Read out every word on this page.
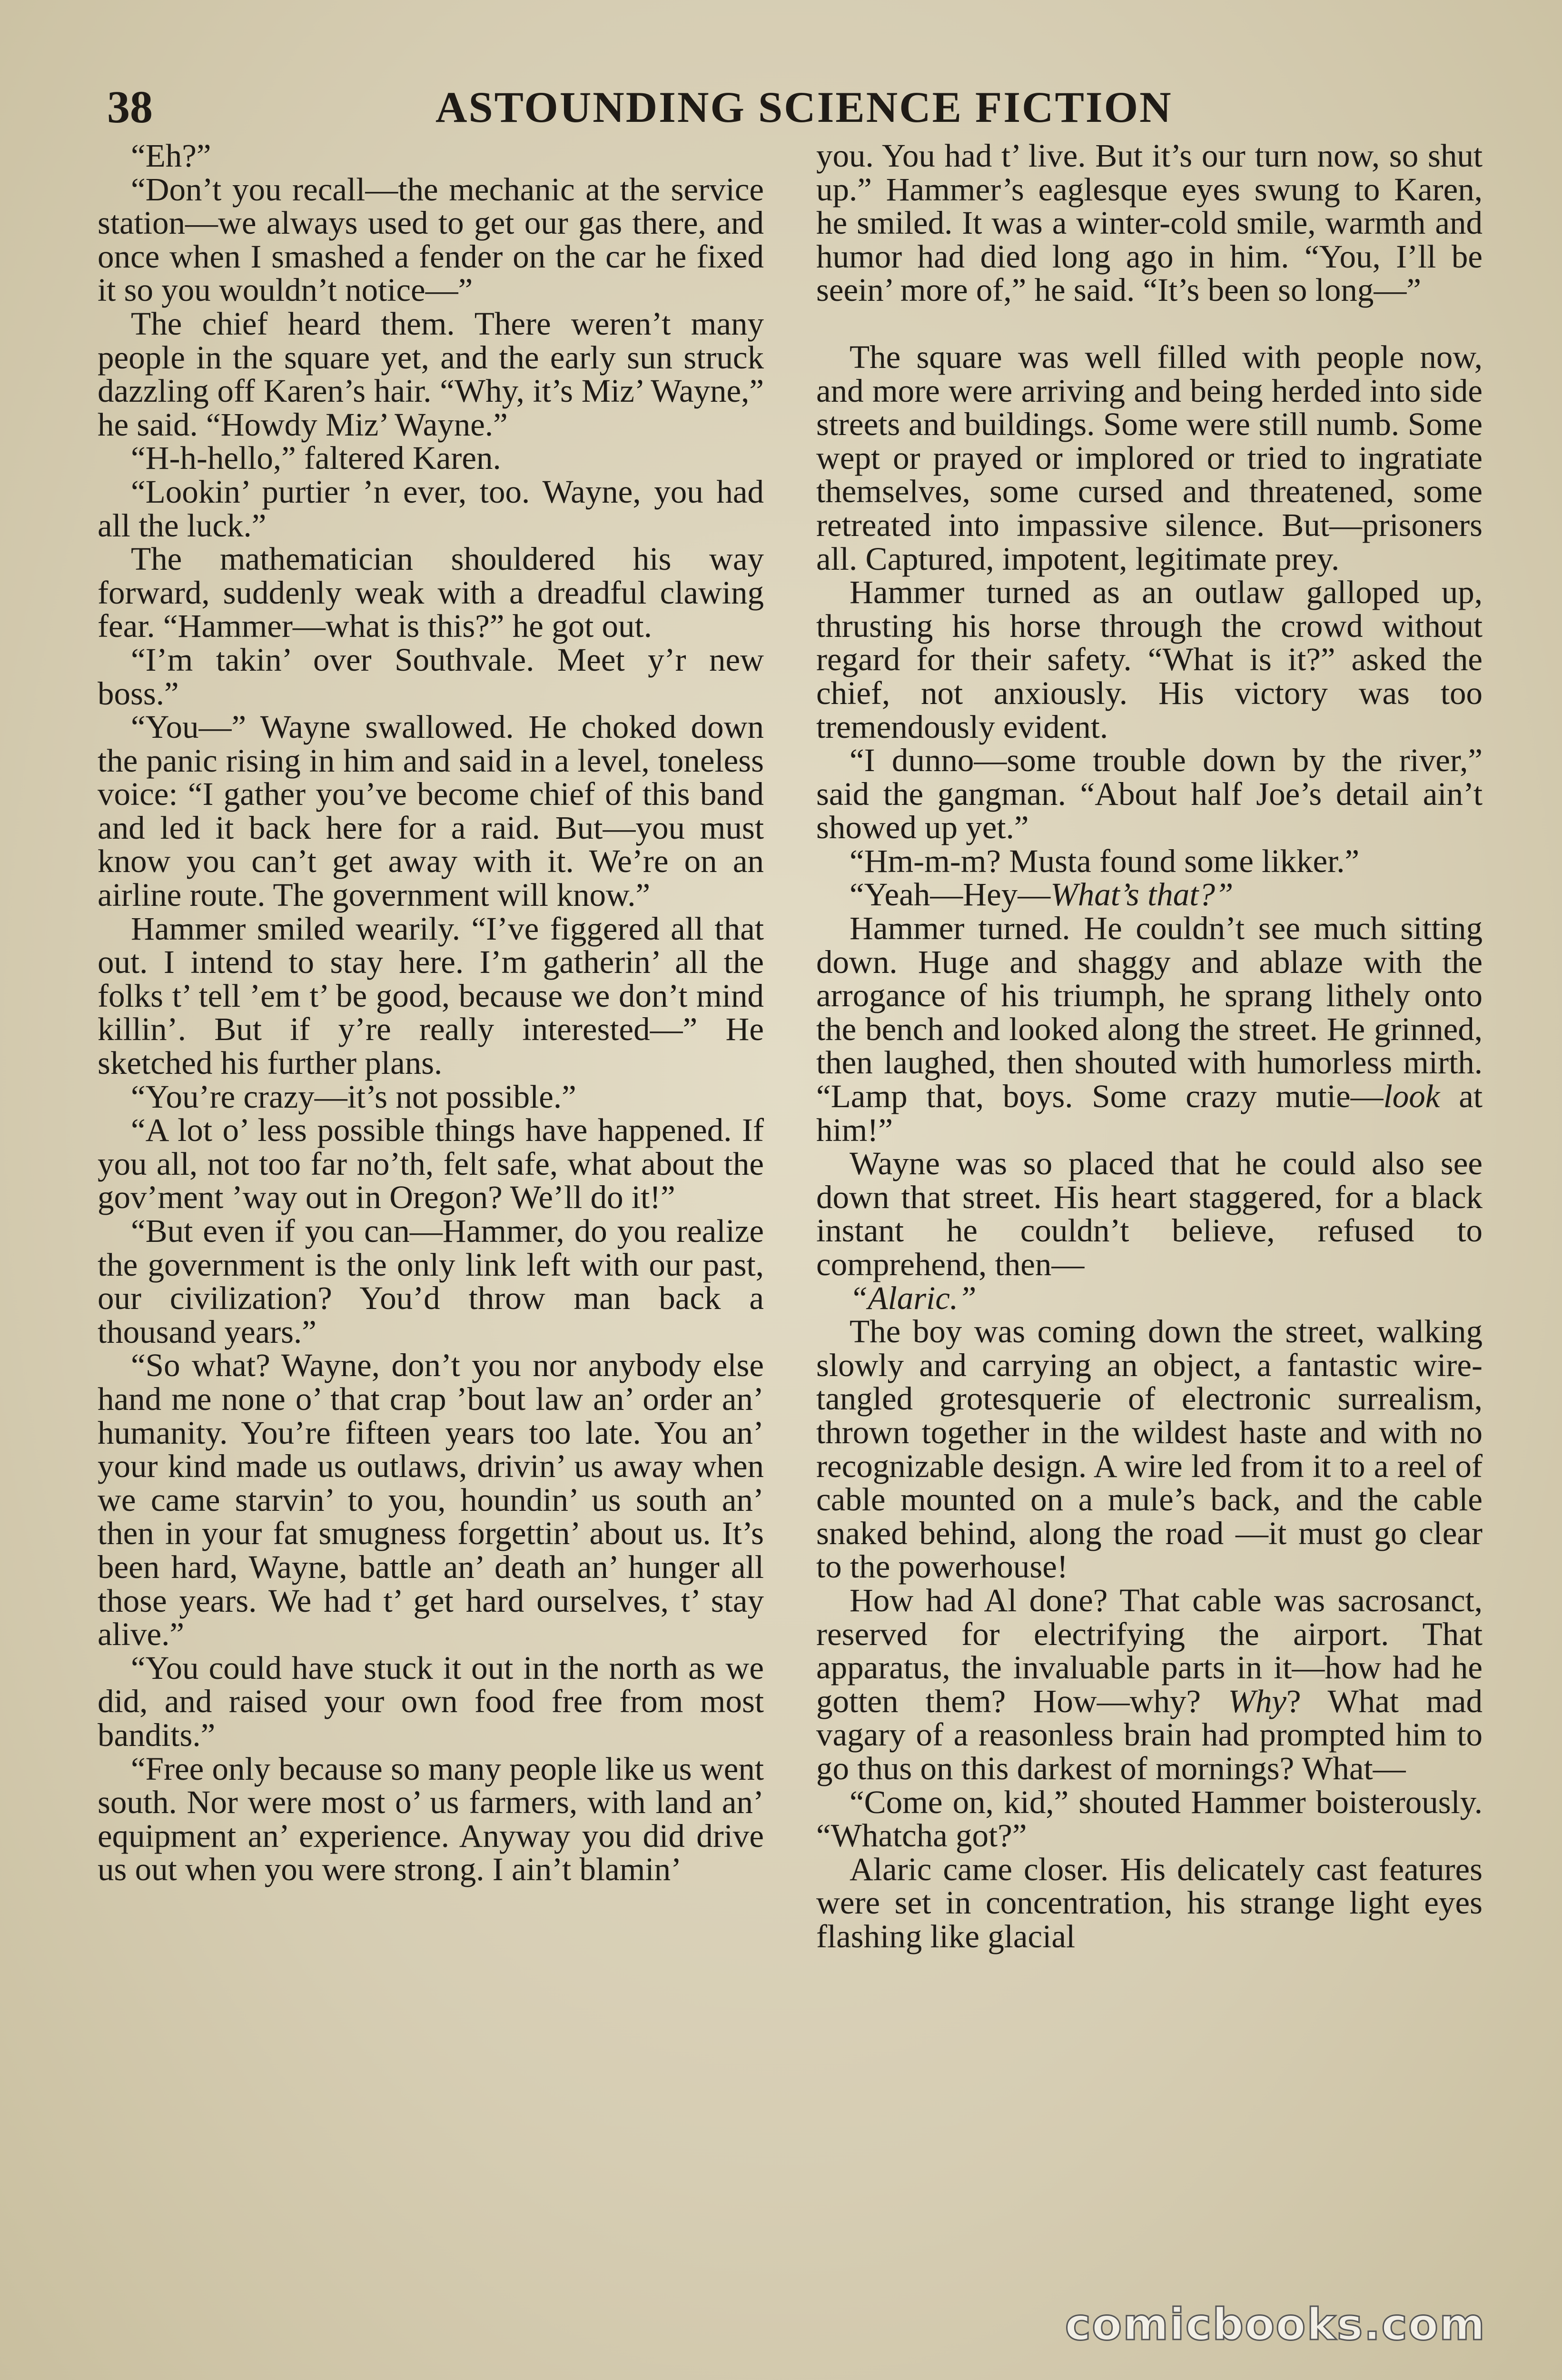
38	ASTOUNDING SCIENCE FICTION

“Eh?”

“Don’t you recall—the mechanic at the service station—we always used to get our gas there, and once when I smashed a fender on the car he fixed it so you wouldn’t notice—”

The chief heard them. There weren’t many people in the square yet, and the early sun struck dazzling off Karen’s hair. “Why, it’s Miz’ Wayne,” he said. “Howdy Miz’ Wayne.”

“H-h-hello,” faltered Karen.

“Lookin’ purtier ’n ever, too. Wayne, you had all the luck.”

The mathematician shouldered his way forward, suddenly weak with a dreadful clawing fear. “Hammer—what is this?” he got out.

“I’m takin’ over Southvale. Meet y’r new boss.”

“You—” Wayne swallowed. He choked down the panic rising in him and said in a level, toneless voice: “I gather you’ve become chief of this band and led it back here for a raid. But—you must know you can’t get away with it. We’re on an airline route. The government will know.”

Hammer smiled wearily. “I’ve figgered all that out. I intend to stay here. I’m gatherin’ all the folks t’ tell ’em t’ be good, because we don’t mind killin’. But if y’re really interested—” He sketched his further plans.

“You’re crazy—it’s not possible.”

“A lot o’ less possible things have happened. If you all, not too far no’th, felt safe, what about the gov’ment ’way out in Oregon? We’ll do it!”

“But even if you can—Hammer, do you realize the government is the only link left with our past, our civilization? You’d throw man back a thousand years.”

“So what? Wayne, don’t you nor anybody else hand me none o’ that crap ’bout law an’ order an’ humanity. You’re fifteen years too late. You an’ your kind made us outlaws, drivin’ us away when we came starvin’ to you, houndin’ us south an’ then in your fat smugness forgettin’ about us. It’s been hard, Wayne, battle an’ death an’ hunger all those years. We had t’ get hard ourselves, t’ stay alive.”

“You could have stuck it out in the north as we did, and raised your own food free from most bandits.”

“Free only because so many people like us went south. Nor were most o’ us farmers, with land an’ equipment an’ experience. Anyway you did drive us out when you were strong. I ain’t blamin’

you. You had t’ live. But it’s our turn now, so shut up.” Hammer’s eaglesque eyes swung to Karen, he smiled. It was a winter-cold smile, warmth and humor had died long ago in him. “You, I’ll be seein’ more of,” he said. “It’s been so long—”

The square was well filled with people now, and more were arriving and being herded into side streets and buildings. Some were still numb. Some wept or prayed or implored or tried to ingratiate themselves, some cursed and threatened, some retreated into impassive silence. But—prisoners all. Captured, impotent, legitimate prey.

Hammer turned as an outlaw galloped up, thrusting his horse through the crowd without regard for their safety. “What is it?” asked the chief, not anxiously. His victory was too tremendously evident.

“I dunno—some trouble down by the river,” said the gangman. “About half Joe’s detail ain’t showed up yet.”

“Hm-m-m? Musta found some likker.”

“Yeah—Hey—What’s that?”

Hammer turned. He couldn’t see much sitting down. Huge and shaggy and ablaze with the arrogance of his triumph, he sprang lithely onto the bench and looked along the street. He grinned, then laughed, then shouted with humorless mirth. “Lamp that, boys. Some crazy mutie—look at him!”

Wayne was so placed that he could also see down that street. His heart staggered, for a black instant he couldn’t believe, refused to comprehend, then—

“Alaric.”

The boy was coming down the street, walking slowly and carrying an object, a fantastic wire-tangled grotesquerie of electronic surrealism, thrown together in the wildest haste and with no recognizable design. A wire led from it to a reel of cable mounted on a mule’s back, and the cable snaked behind, along the road —it must go clear to the powerhouse!

How had Al done? That cable was sacrosanct, reserved for electrifying the airport. That apparatus, the invaluable parts in it—how had he gotten them? How—why? Why? What mad vagary of a reasonless brain had prompted him to go thus on this darkest of mornings? What—

“Come on, kid,” shouted Hammer boisterously. “Whatcha got?”

Alaric came closer. His delicately cast features were set in concentration, his strange light eyes flashing like glacial

comicbooks.com
